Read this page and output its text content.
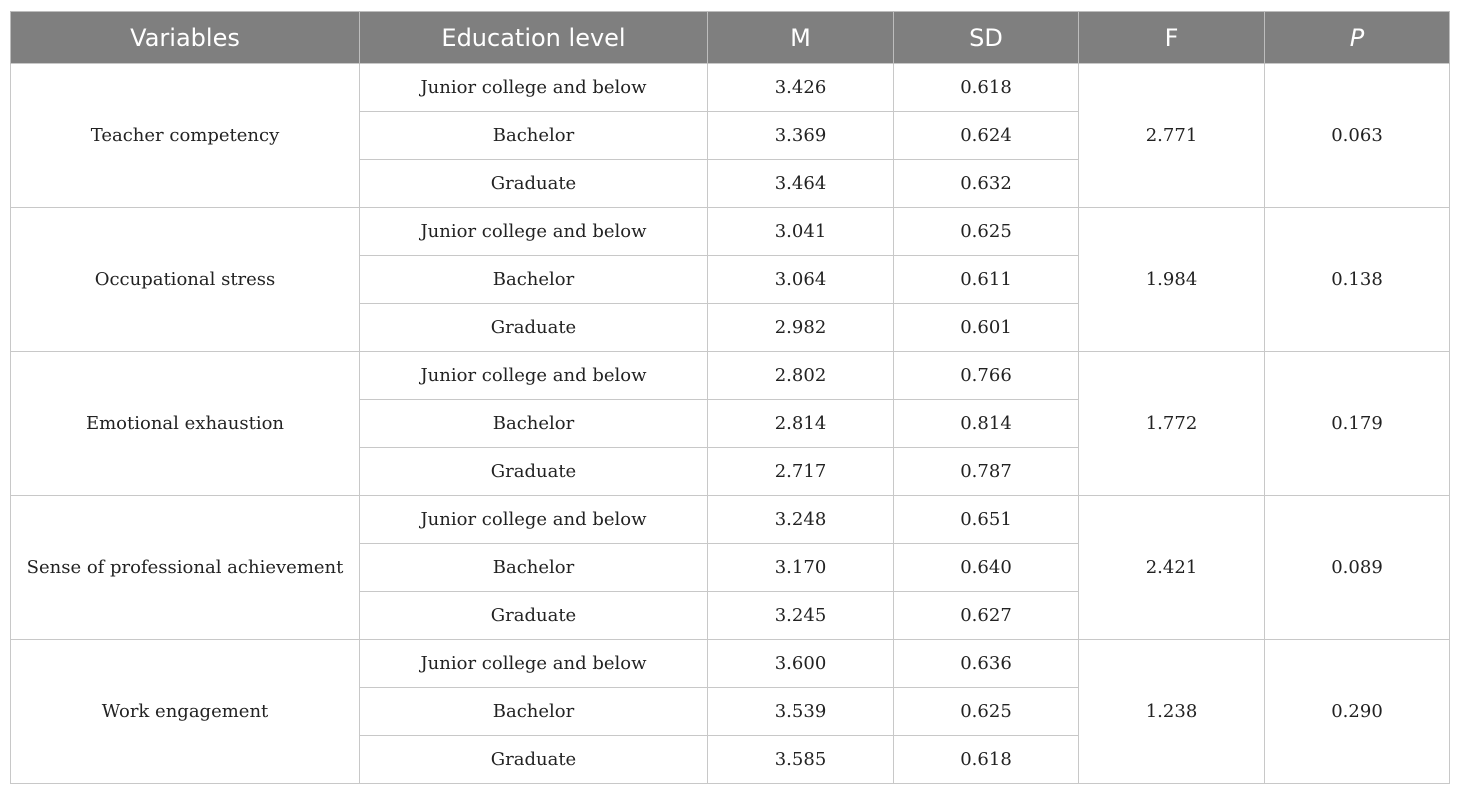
Variables	Education level	M	SD	F	P
Teacher competency	Junior college and below	3.426	0.618	2.771	0.063
	Bachelor	3.369	0.624		
	Graduate	3.464	0.632		
Occupational stress	Junior college and below	3.041	0.625	1.984	0.138
	Bachelor	3.064	0.611		
	Graduate	2.982	0.601		
Emotional exhaustion	Junior college and below	2.802	0.766	1.772	0.179
	Bachelor	2.814	0.814		
	Graduate	2.717	0.787		
Sense of professional achievement	Junior college and below	3.248	0.651	2.421	0.089
	Bachelor	3.170	0.640		
	Graduate	3.245	0.627		
Work engagement	Junior college and below	3.600	0.636	1.238	0.290
	Bachelor	3.539	0.625		
	Graduate	3.585	0.618		
